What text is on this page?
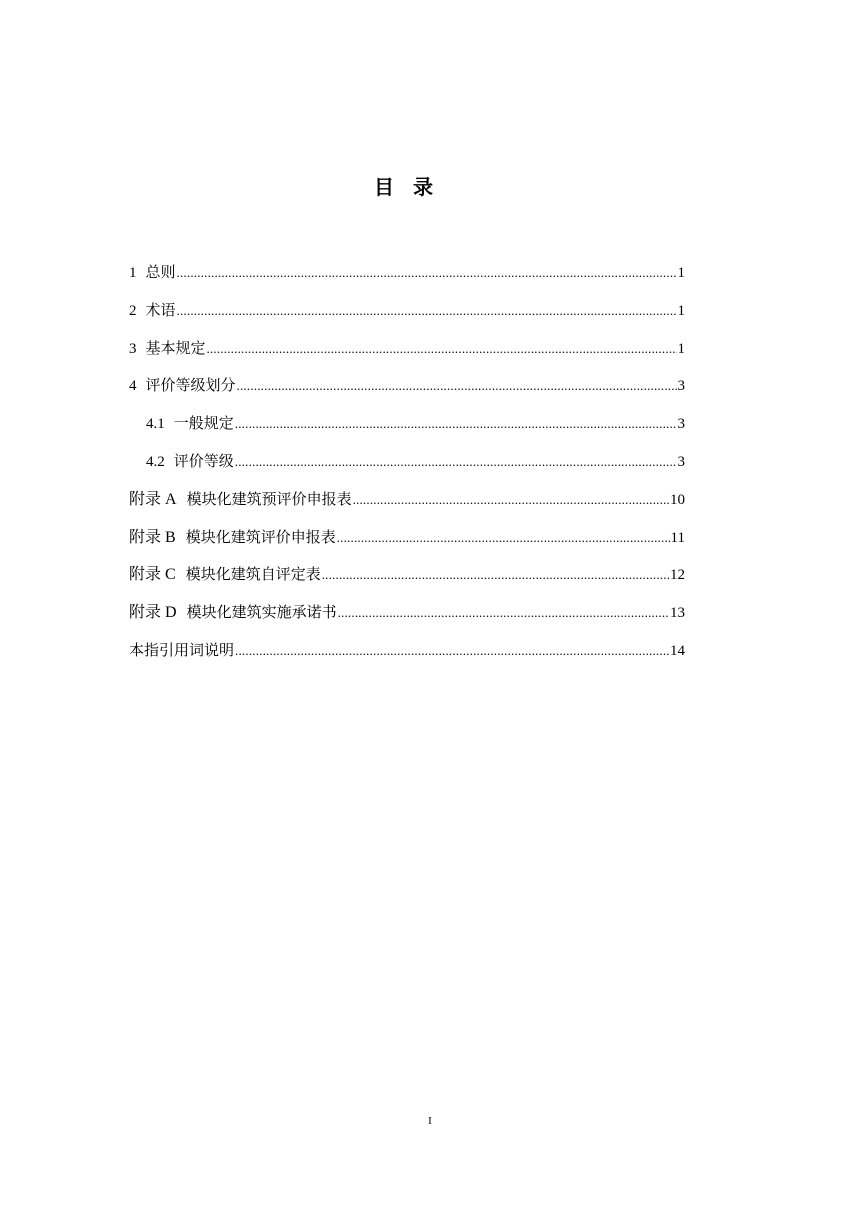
目 录
1 总则 .....	1
2 术语 .....	1
3 基本规定 .....	1
4 评价等级划分 .....	3
4.1 一般规定 .....	3
4.2 评价等级 .....	3
附录 A 模块化建筑预评价申报表 .....	10
附录 B 模块化建筑评价申报表 .....	11
附录 C 模块化建筑自评定表 .....	12
附录 D 模块化建筑实施承诺书 .....	13
本指引用词说明 .....	14
I
